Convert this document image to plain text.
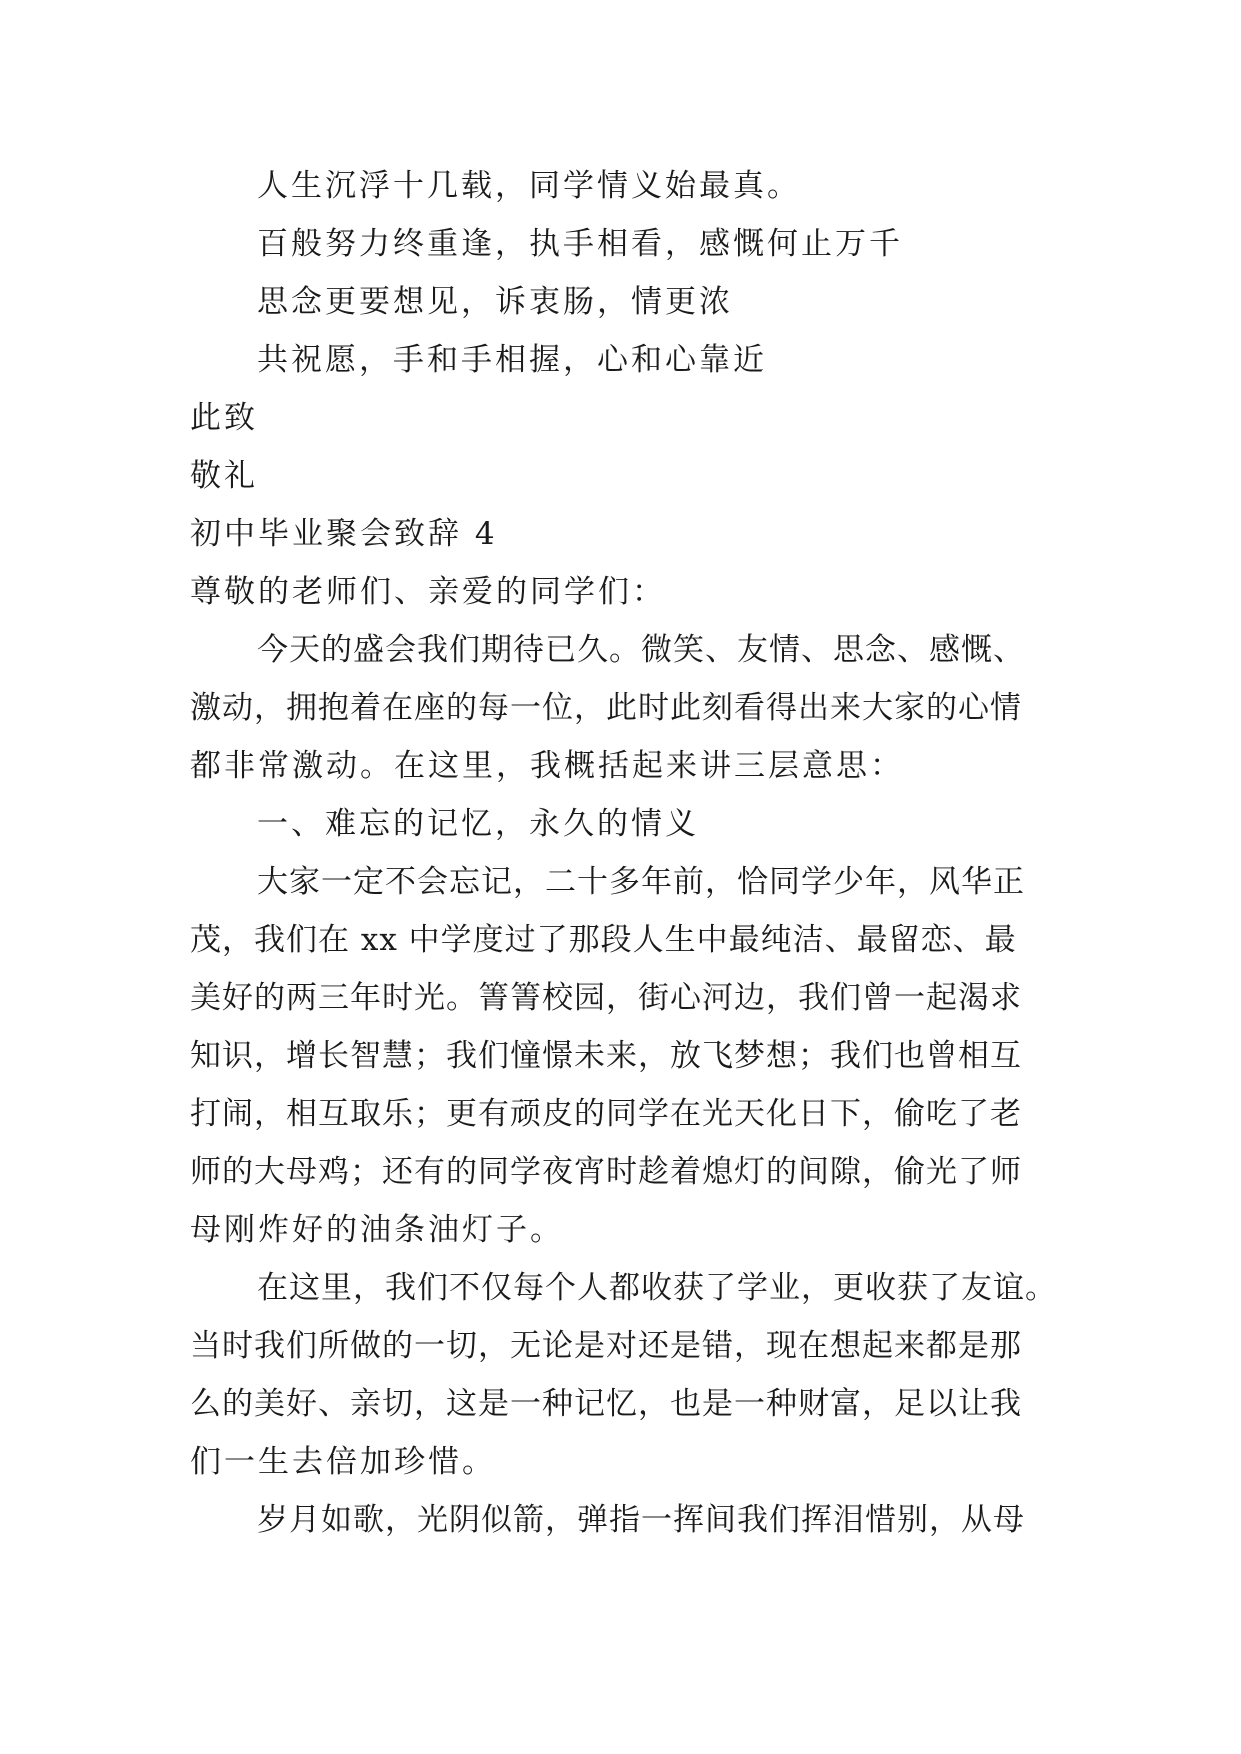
人生沉浮十几载，同学情义始最真。
百般努力终重逢，执手相看，感慨何止万千
思念更要想见，诉衷肠，情更浓
共祝愿，手和手相握，心和心靠近
此致
敬礼
初中毕业聚会致辞 4
尊敬的老师们、亲爱的同学们：
今天的盛会我们期待已久。微笑、友情、思念、感慨、
激动，拥抱着在座的每一位，此时此刻看得出来大家的心情
都非常激动。在这里，我概括起来讲三层意思：
一、难忘的记忆，永久的情义
大家一定不会忘记，二十多年前，恰同学少年，风华正
茂，我们在 xx 中学度过了那段人生中最纯洁、最留恋、最
美好的两三年时光。箐箐校园，街心河边，我们曾一起渴求
知识，增长智慧；我们憧憬未来，放飞梦想；我们也曾相互
打闹，相互取乐；更有顽皮的同学在光天化日下，偷吃了老
师的大母鸡；还有的同学夜宵时趁着熄灯的间隙，偷光了师
母刚炸好的油条油灯子。
在这里，我们不仅每个人都收获了学业，更收获了友谊。
当时我们所做的一切，无论是对还是错，现在想起来都是那
么的美好、亲切，这是一种记忆，也是一种财富，足以让我
们一生去倍加珍惜。
岁月如歌，光阴似箭，弹指一挥间我们挥泪惜别，从母
